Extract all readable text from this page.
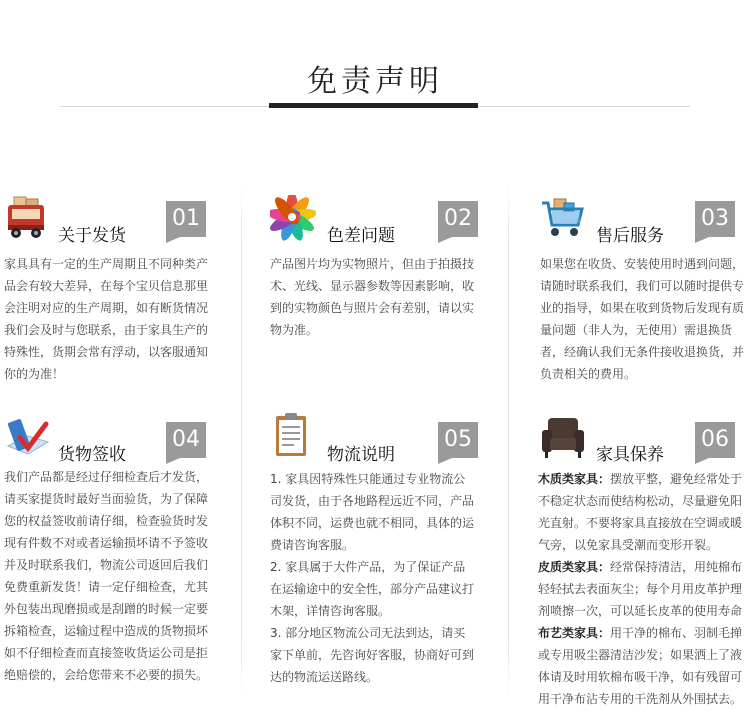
免责声明
关于发货
01

家具具有一定的生产周期且不同种类产品会有较大差异，在每个宝贝信息那里会注明对应的生产周期，如有断货情况我们会及时与您联系，由于家具生产的特殊性，货期会常有浮动，以客服通知你的为准！

色差问题
02

产品图片均为实物照片，但由于拍摄技术、光线、显示器参数等因素影响，收到的实物颜色与照片会有差别，请以实物为准。

售后服务
03

如果您在收货、安装使用时遇到问题，请随时联系我们，我们可以随时提供专业的指导，如果在收到货物后发现有质量问题（非人为，无使用）需退换货者，经确认我们无条件接收退换货，并负责相关的费用。

货物签收
04

我们产品都是经过仔细检查后才发货，请买家提货时最好当面验货，为了保障您的权益签收前请仔细，检查验货时发现有件数不对或者运输损坏请不予签收并及时联系我们，物流公司返回后我们免费重新发货！请一定仔细检查，尤其外包装出现磨损或是刮蹭的时候一定要拆箱检查，运输过程中造成的货物损坏如不仔细检查而直接签收货运公司是拒绝赔偿的，会给您带来不必要的损失。

物流说明
05

1. 家具因特殊性只能通过专业物流公司发货，由于各地路程远近不同，产品体积不同，运费也就不相同，具体的运费请咨询客服。

2. 家具属于大件产品，为了保证产品在运输途中的安全性，部分产品建议打木架，详情咨询客服。

3. 部分地区物流公司无法到达，请买家下单前，先咨询好客服，协商好可到达的物流运送路线。

家具保养
06

木质类家具：摆放平整，避免经常处于不稳定状态而使结构松动，尽量避免阳光直射。不要将家具直接放在空调或暖气旁，以免家具受潮而变形开裂。

皮质类家具：经常保持清洁，用纯棉布轻轻拭去表面灰尘；每个月用皮革护理剂喷擦一次，可以延长皮革的使用寿命

布艺类家具：用干净的棉布、羽制毛掸或专用吸尘器清洁沙发；如果洒上了液体请及时用软棉布吸干净，如有残留可用干净布沾专用的干洗剂从外围拭去。
